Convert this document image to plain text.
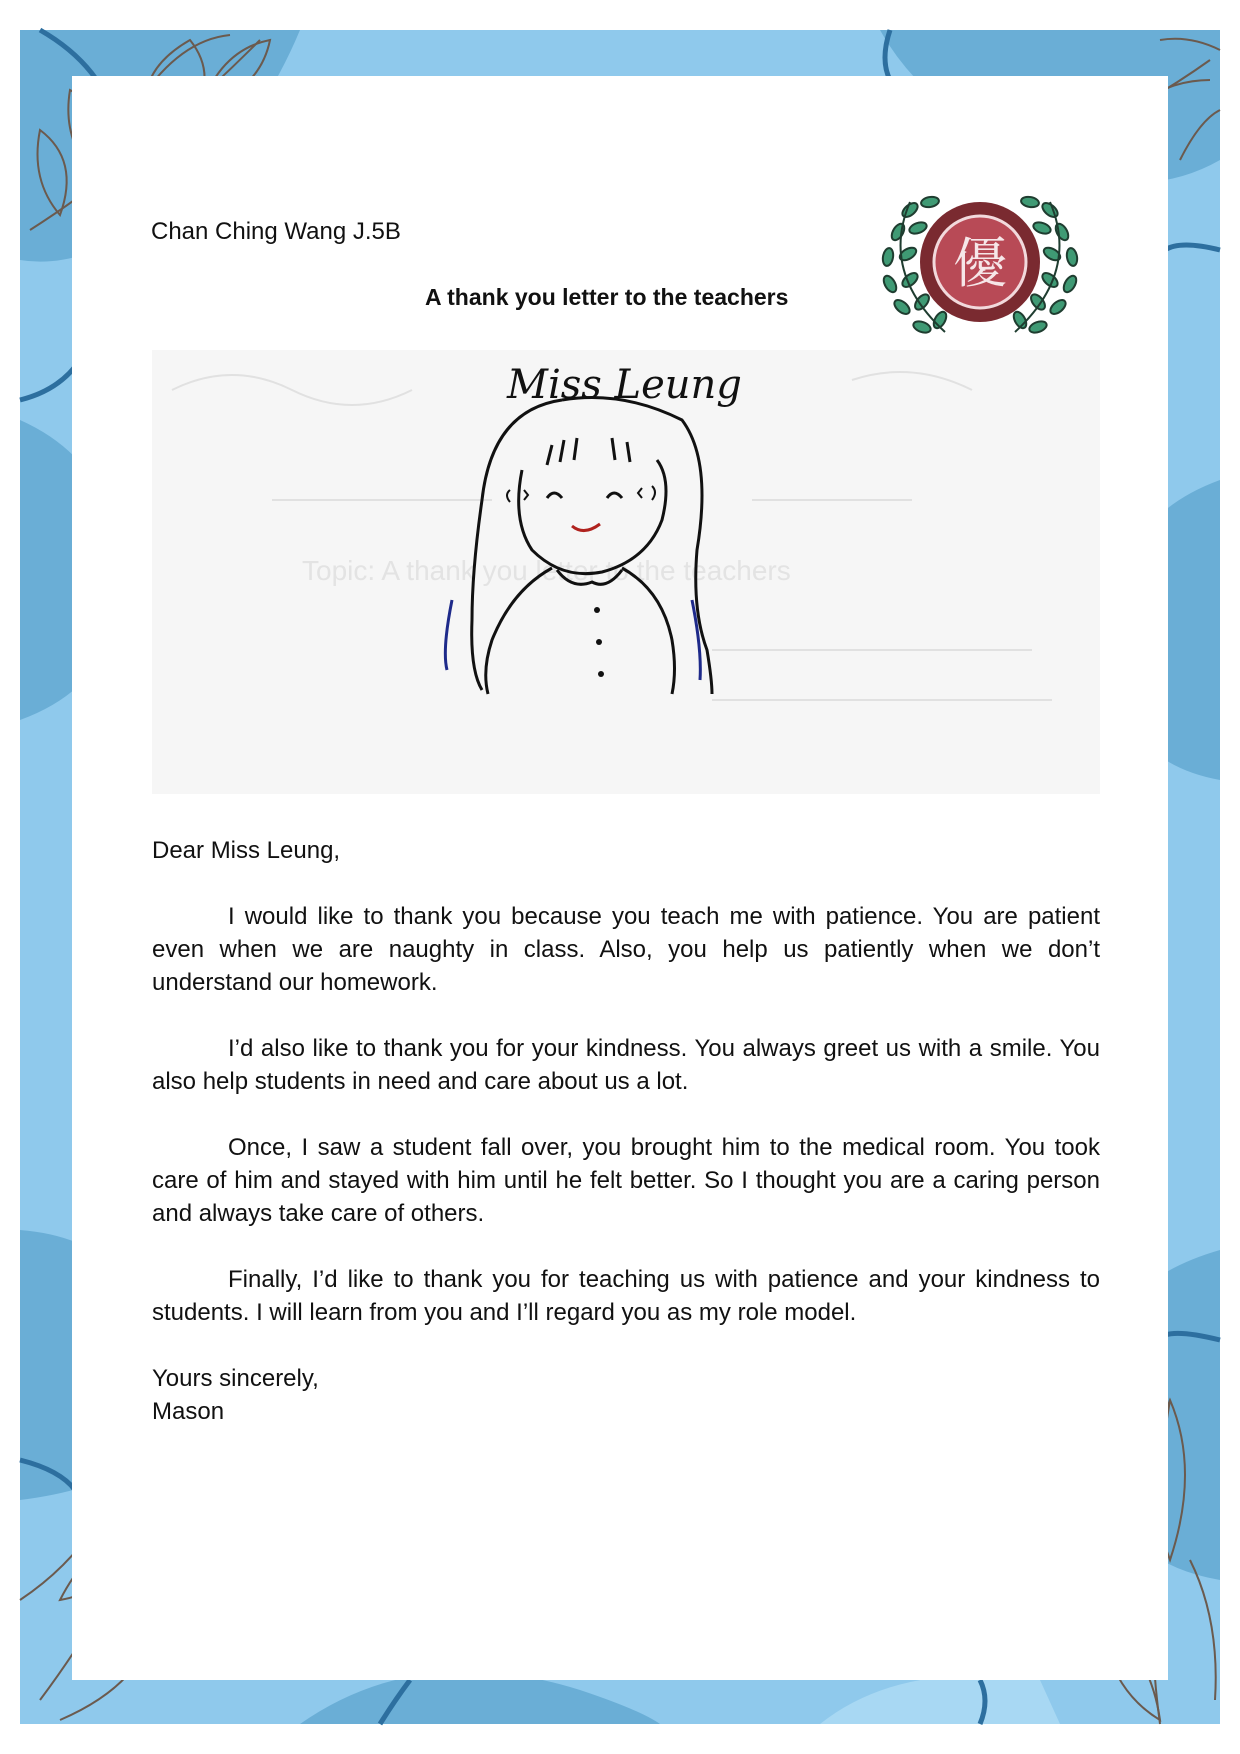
Chan Ching Wang J.5B
A thank you letter to the teachers
優
Topic: A thank you letter to the teachers
Miss Leung

Dear Miss Leung,

I would like to thank you because you teach me with patience. You are patient even when we are naughty in class. Also, you help us patiently when we don’t understand our homework.

I’d also like to thank you for your kindness. You always greet us with a smile. You also help students in need and care about us a lot.

Once, I saw a student fall over, you brought him to the medical room. You took care of him and stayed with him until he felt better. So I thought you are a caring person and always take care of others.

Finally, I’d like to thank you for teaching us with patience and your kindness to students. I will learn from you and I’ll regard you as my role model.

Yours sincerely,

Mason
